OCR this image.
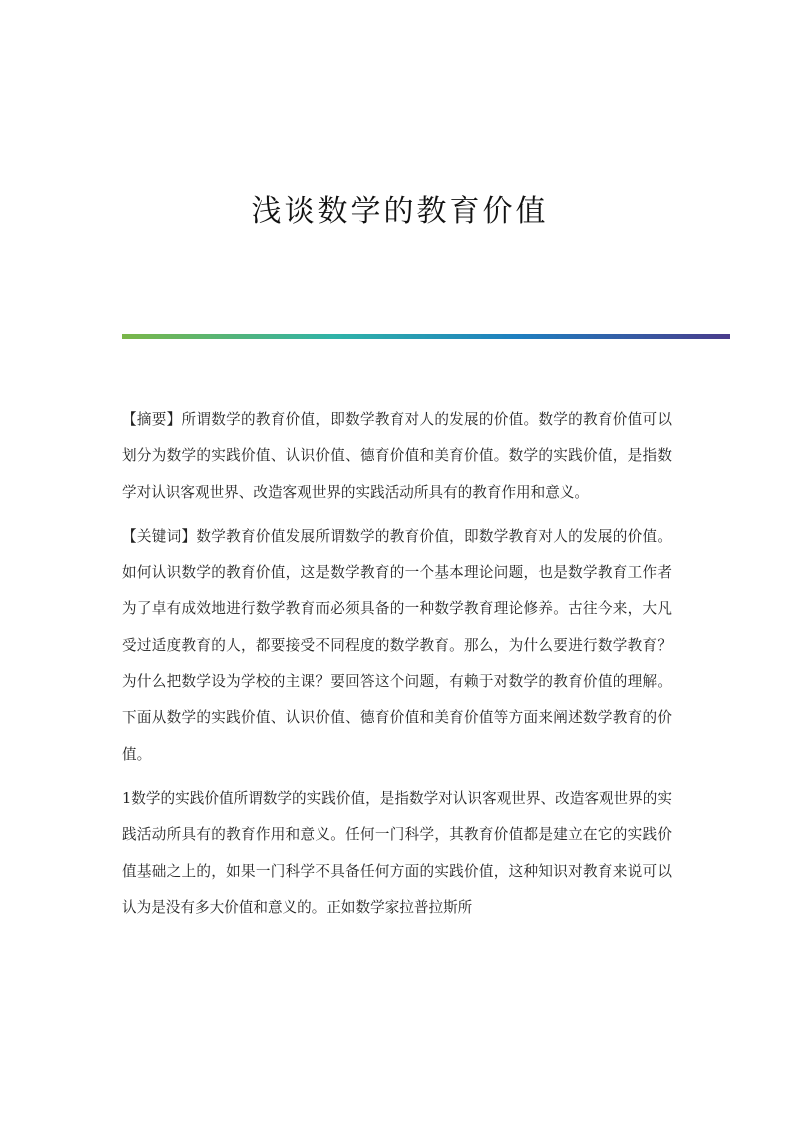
浅谈数学的教育价值

【摘要】所谓数学的教育价值，即数学教育对人的发展的价值。数学的教育价值可以划分为数学的实践价值、认识价值、德育价值和美育价值。数学的实践价值，是指数学对认识客观世界、改造客观世界的实践活动所具有的教育作用和意义。

【关键词】数学教育价值发展所谓数学的教育价值，即数学教育对人的发展的价值。如何认识数学的教育价值，这是数学教育的一个基本理论问题，也是数学教育工作者为了卓有成效地进行数学教育而必须具备的一种数学教育理论修养。古往今来，大凡受过适度教育的人，都要接受不同程度的数学教育。那么，为什么要进行数学教育？为什么把数学设为学校的主课？要回答这个问题，有赖于对数学的教育价值的理解。下面从数学的实践价值、认识价值、德育价值和美育价值等方面来阐述数学教育的价值。

1数学的实践价值所谓数学的实践价值，是指数学对认识客观世界、改造客观世界的实践活动所具有的教育作用和意义。任何一门科学，其教育价值都是建立在它的实践价值基础之上的，如果一门科学不具备任何方面的实践价值，这种知识对教育来说可以认为是没有多大价值和意义的。正如数学家拉普拉斯所
